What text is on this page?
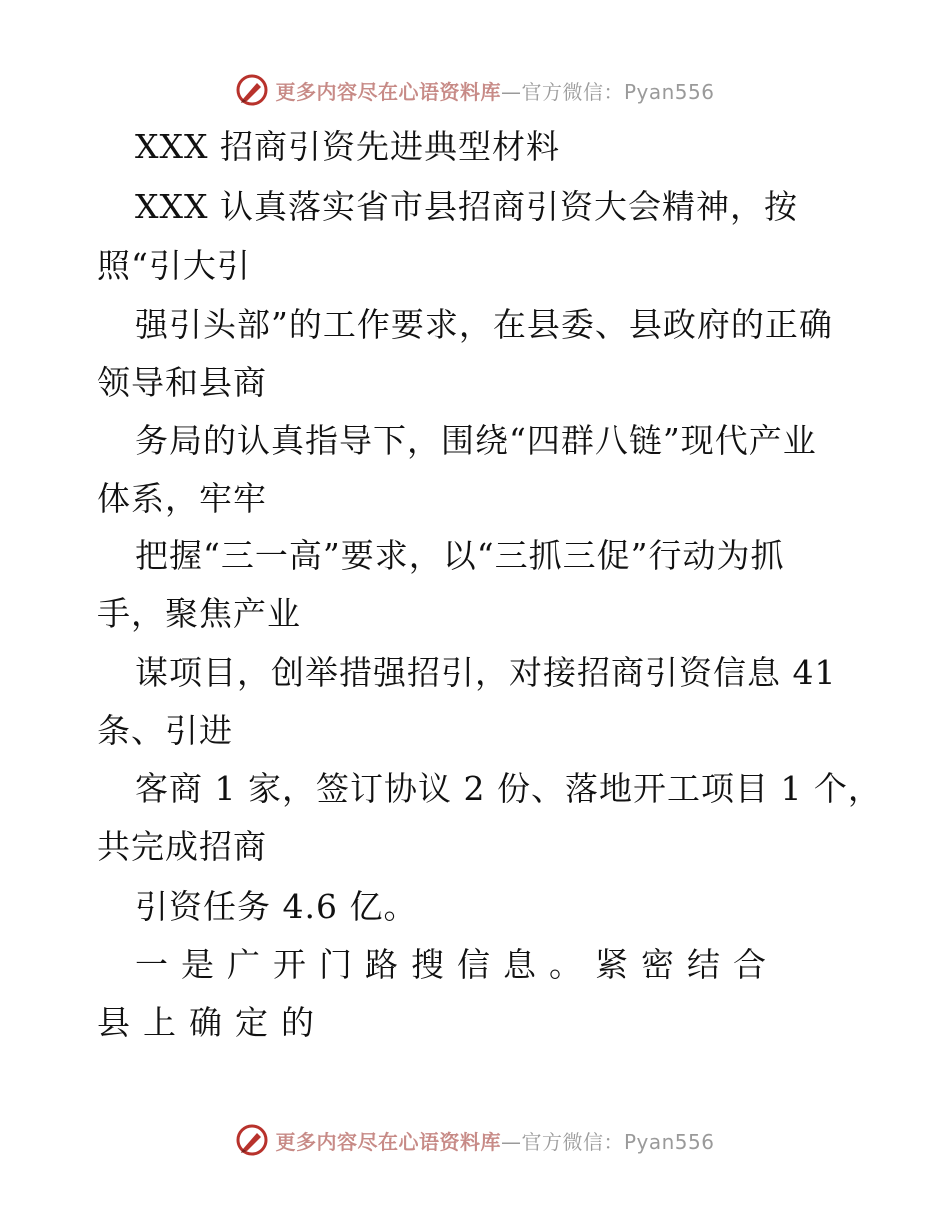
更多内容尽在心语资料库—官方微信：Pyan556
XXX 招商引资先进典型材料
XXX 认真落实省市县招商引资大会精神，按
照“引大引
强引头部”的工作要求，在县委、县政府的正确
领导和县商
务局的认真指导下，围绕“四群八链”现代产业
体系，牢牢
把握“三一高”要求，以“三抓三促”行动为抓
手，聚焦产业
谋项目，创举措强招引，对接招商引资信息 41
条、引进
客商 1 家，签订协议 2 份、落地开工项目 1 个，
共完成招商
引资任务 4.6 亿。
一是广开门路搜信息。紧密结合
县上确定的
更多内容尽在心语资料库—官方微信：Pyan556
